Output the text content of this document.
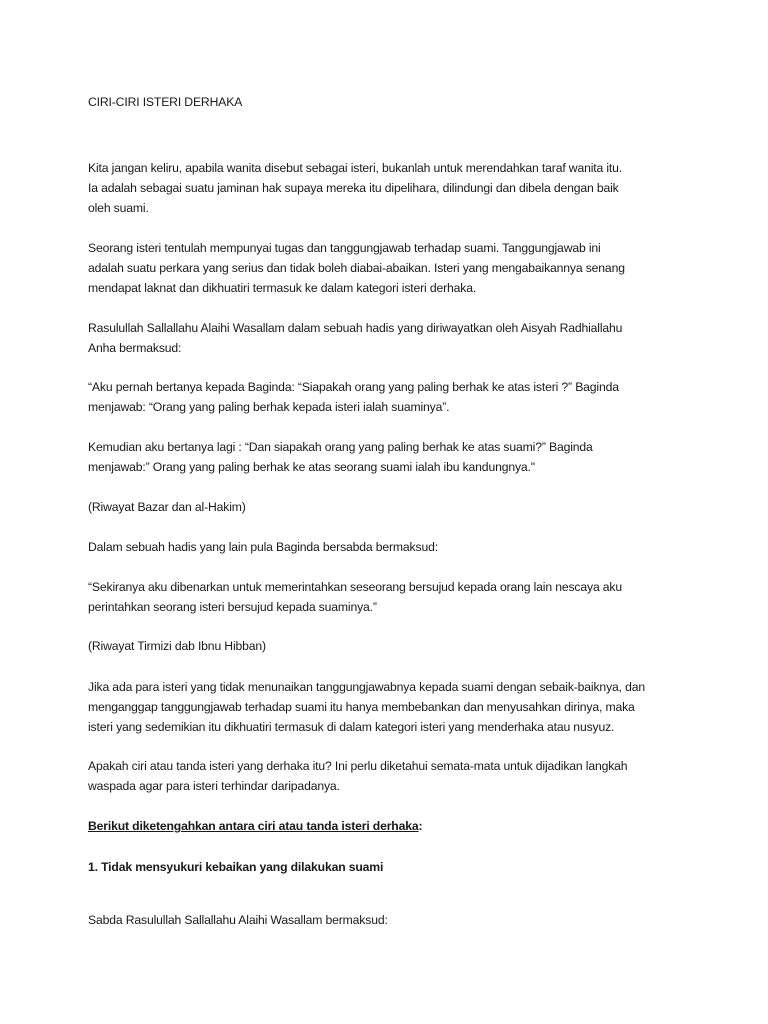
CIRI-CIRI ISTERI DERHAKA

Kita jangan keliru, apabila wanita disebut sebagai isteri, bukanlah untuk merendahkan taraf wanita itu.
Ia adalah sebagai suatu jaminan hak supaya mereka itu dipelihara, dilindungi dan dibela dengan baik
oleh suami.

Seorang isteri tentulah mempunyai tugas dan tanggungjawab terhadap suami. Tanggungjawab ini
adalah suatu perkara yang serius dan tidak boleh diabai-abaikan. Isteri yang mengabaikannya senang
mendapat laknat dan dikhuatiri termasuk ke dalam kategori isteri derhaka.

Rasulullah Sallallahu Alaihi Wasallam dalam sebuah hadis yang diriwayatkan oleh Aisyah Radhiallahu
Anha bermaksud:

“Aku pernah bertanya kepada Baginda: “Siapakah orang yang paling berhak ke atas isteri ?” Baginda
menjawab: “Orang yang paling berhak kepada isteri ialah suaminya”.

Kemudian aku bertanya lagi : “Dan siapakah orang yang paling berhak ke atas suami?” Baginda
menjawab:” Orang yang paling berhak ke atas seorang suami ialah ibu kandungnya."

(Riwayat Bazar dan al-Hakim)

Dalam sebuah hadis yang lain pula Baginda bersabda bermaksud:

“Sekiranya aku dibenarkan untuk memerintahkan seseorang bersujud kepada orang lain nescaya aku
perintahkan seorang isteri bersujud kepada suaminya.”

(Riwayat Tirmizi dab Ibnu Hibban)

Jika ada para isteri yang tidak menunaikan tanggungjawabnya kepada suami dengan sebaik-baiknya, dan
menganggap tanggungjawab terhadap suami itu hanya membebankan dan menyusahkan dirinya, maka
isteri yang sedemikian itu dikhuatiri termasuk di dalam kategori isteri yang menderhaka atau nusyuz.

Apakah ciri atau tanda isteri yang derhaka itu? Ini perlu diketahui semata-mata untuk dijadikan langkah
waspada agar para isteri terhindar daripadanya.

Berikut diketengahkan antara ciri atau tanda isteri derhaka:

1. Tidak mensyukuri kebaikan yang dilakukan suami

Sabda Rasulullah Sallallahu Alaihi Wasallam bermaksud:
